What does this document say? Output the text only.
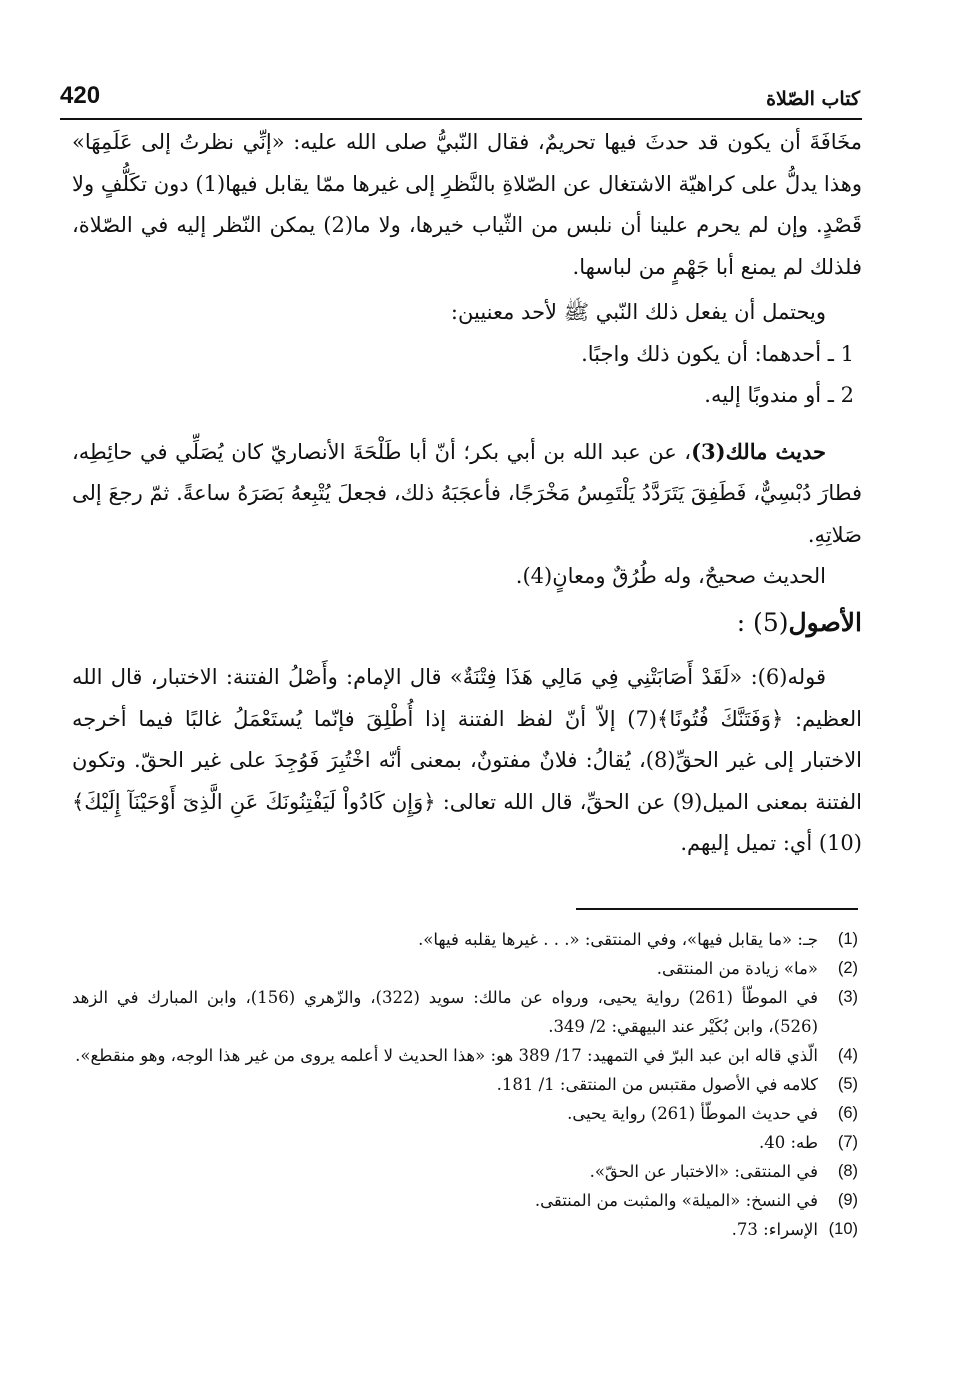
420	كتاب الصّلاة

مخَافَةَ أن يكون قد حدثَ فيها تحريمٌ، فقال النّبيُّ صلى الله عليه: «إنِّي نظرتُ إلى عَلَمِهَا» وهذا يدلُّ على كراهيّة الاشتغال عن الصّلاةِ بالنَّظرِ إلى غيرها ممّا يقابل فيها(1) دون تكَلُّفٍ ولا قَصْدٍ. وإن لم يحرم علينا أن نلبس من الثّياب خيرها، ولا ما(2) يمكن النّظر إليه في الصّلاة، فلذلك لم يمنع أبا جَهْمٍ من لباسها.

ويحتمل أن يفعل ذلك النّبي ﷺ لأحد معنيين:

1 ـ أحدهما: أن يكون ذلك واجبًا.

2 ـ أو مندوبًا إليه.

حديث مالك(3)، عن عبد الله بن أبي بكر؛ أنّ أبا طَلْحَةَ الأنصاريّ كان يُصَلِّي في حائِطِه، فطارَ دُبْسِيٌّ، فَطَفِقَ يَتَرَدَّدُ يَلْتَمِسُ مَخْرَجًا، فأعجَبَهُ ذلك، فجعلَ يُتْبِعهُ بَصَرَهُ ساعةً. ثمّ رجعَ إلى صَلاتِهِ.

الحديث صحيحٌ، وله طُرُقٌ ومعانٍ(4).

الأصول(5) :

قوله(6): «لَقَدْ أَصَابَتْنِي فِي مَالِي هَذَا فِتْنَةٌ» قال الإمام: وأَصْلُ الفتنة: الاختبار، قال الله العظيم: ﴿وَفَتَنَّكَ فُتُونًا﴾(7) إلاّ أنّ لفظ الفتنة إذا أُطْلِقَ فإنّما يُستَعْمَلُ غالبًا فيما أخرجه الاختبار إلى غير الحقِّ(8)، يُقالُ: فلانٌ مفتونٌ، بمعنى أنّه اخْتُبِرَ فَوُجِدَ على غير الحقّ. وتكون الفتنة بمعنى الميل(9) عن الحقِّ، قال الله تعالى: ﴿وَإِن كَادُواْ لَيَفْتِنُونَكَ عَنِ الَّذِىٓ أَوْحَيْنَآ إِلَيْكَ﴾(10) أي: تميل إليهم.

(1)
جـ: «ما يقابل فيها»، وفي المنتقى: «. . . غيرها يقلبه فيها».
(2)
«ما» زيادة من المنتقى.
(3)
في الموطّأ (261) رواية يحيى، ورواه عن مالك: سويد (322)، والزّهري (156)، وابن المبارك في الزهد (526)، وابن بُكَيْر عند البيهقي: 2/ 349.
(4)
الّذي قاله ابن عبد البرّ في التمهيد: 17/ 389 هو: «هذا الحديث لا أعلمه يروى من غير هذا الوجه، وهو منقطع».
(5)
كلامه في الأصول مقتبس من المنتقى: 1/ 181.
(6)
في حديث الموطّأ (261) رواية يحيى.
(7)
طه: 40.
(8)
في المنتقى: «الاختبار عن الحقّ».
(9)
في النسخ: «الميلة» والمثبت من المنتقى.
(10)
الإسراء: 73.
